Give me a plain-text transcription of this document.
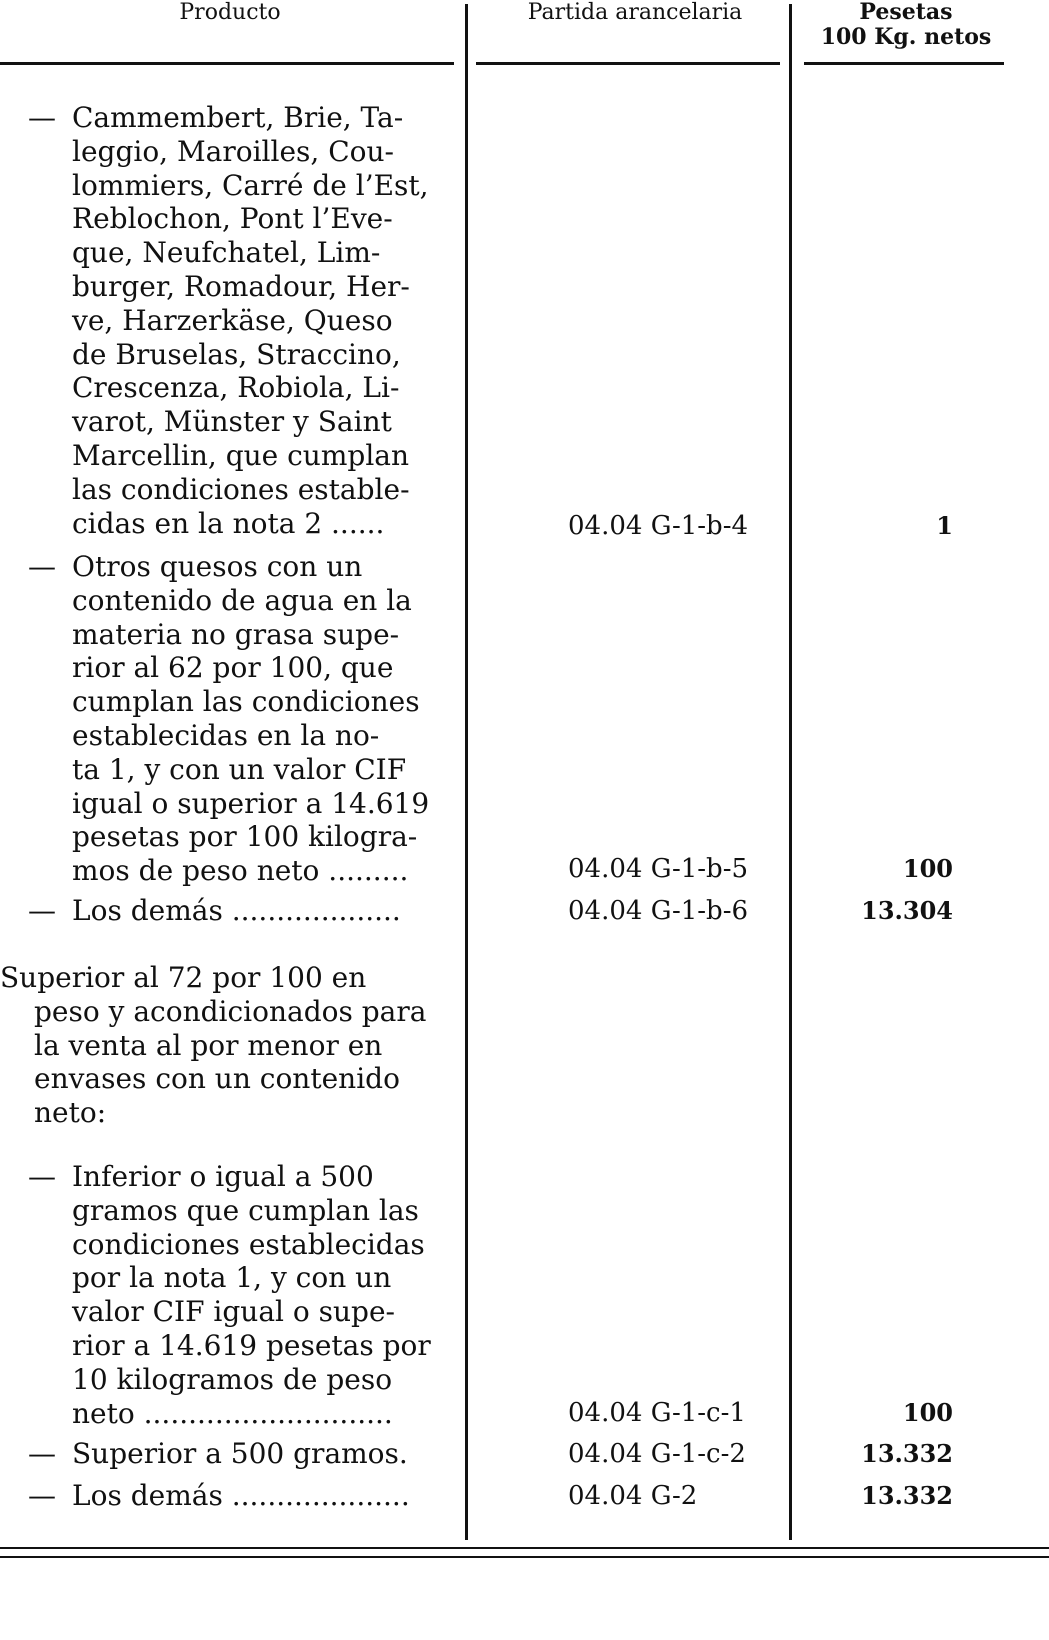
Producto	Partida arancelaria	Pesetas
100 Kg. netos
— Cammembert, Brie, Ta-
leggio, Maroilles, Cou-
lommiers, Carré de l’Est,
Reblochon, Pont l’Eve-
que, Neufchatel, Lim-
burger, Romadour, Her-
ve, Harzerkäse, Queso
de Bruselas, Straccino,
Crescenza, Robiola, Li-
varot, Münster y Saint
Marcellin, que cumplan
las condiciones estable-
cidas en la nota 2 ......	04.04 G-1-b-4	1
— Otros quesos con un
contenido de agua en la
materia no grasa supe-
rior al 62 por 100, que
cumplan las condiciones
establecidas en la no-
ta 1, y con un valor CIF
igual o superior a 14.619
pesetas por 100 kilogra-
mos de peso neto .........	04.04 G-1-b-5	100
— Los demás ...................	04.04 G-1-b-6	13.304
Superior al 72 por 100 en
peso y acondicionados para
la venta al por menor en
envases con un contenido
neto:
— Inferior o igual a 500
gramos que cumplan las
condiciones establecidas
por la nota 1, y con un
valor CIF igual o supe-
rior a 14.619 pesetas por
10 kilogramos de peso
neto ............................	04.04 G-1-c-1	100
— Superior a 500 gramos.	04.04 G-1-c-2	13.332
— Los demás ....................	04.04 G-2	13.332
